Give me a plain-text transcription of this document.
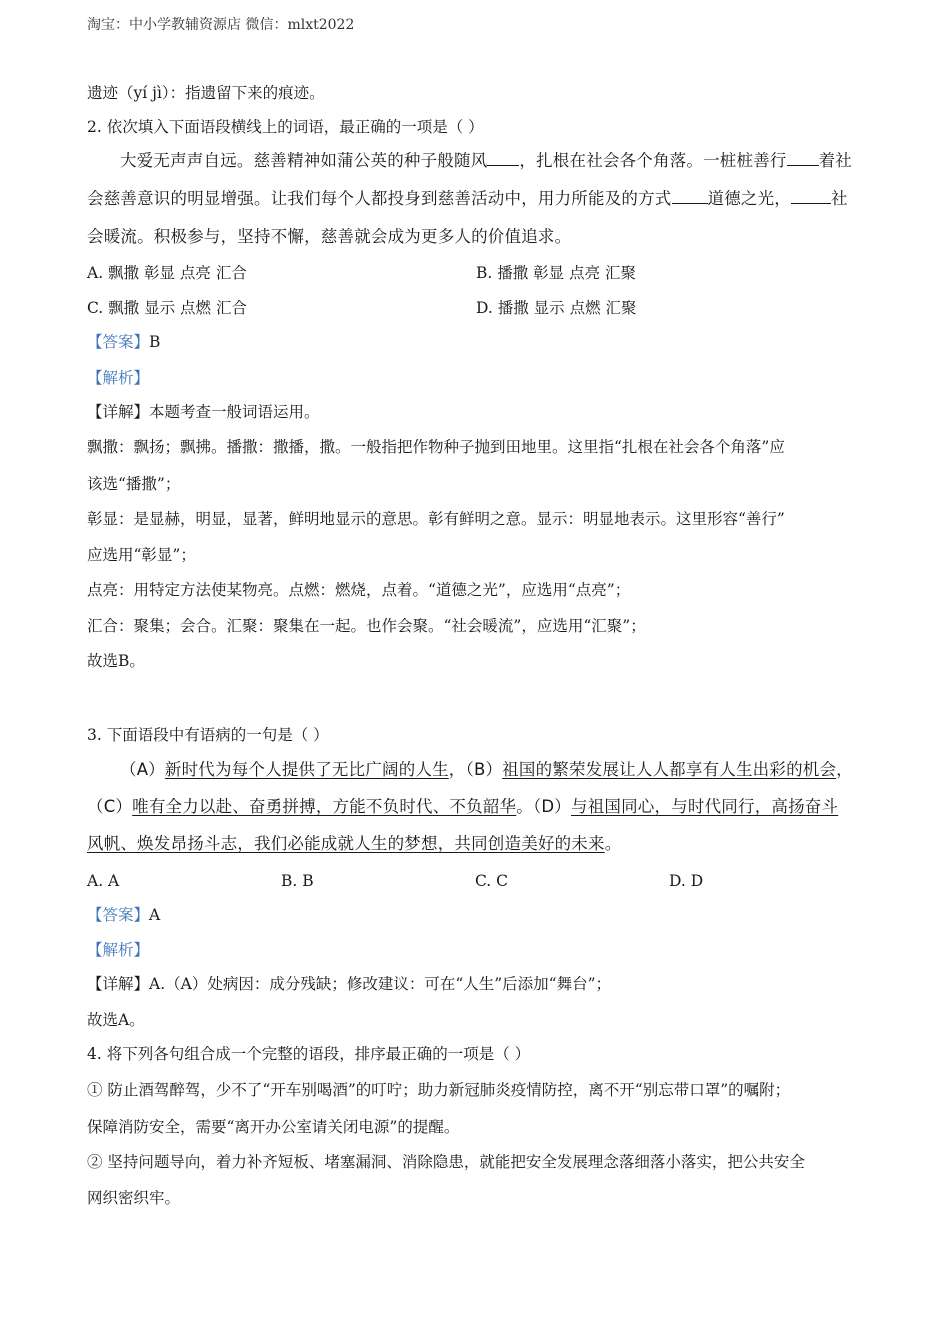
淘宝：中小学教辅资源店 微信：mlxt2022
遗迹（yí jì）：指遗留下来的痕迹。
2. 依次填入下面语段横线上的词语，最正确的一项是（ ）
大爱无声声自远。慈善精神如蒲公英的种子般随风 ，扎根在社会各个角落。一桩桩善行 着社
会慈善意识的明显增强。让我们每个人都投身到慈善活动中，用力所能及的方式 道德之光， 社
会暖流。积极参与，坚持不懈，慈善就会成为更多人的价值追求。
A. 飘撒 彰显 点亮 汇合	B. 播撒 彰显 点亮 汇聚
C. 飘撒 显示 点燃 汇合	D. 播撒 显示 点燃 汇聚
【答案】B
【解析】
【详解】本题考查一般词语运用。
飘撒：飘扬；飘拂。播撒：撒播，撒。一般指把作物种子抛到田地里。这里指“扎根在社会各个角落”应
该选“播撒”；
彰显：是显赫，明显，显著，鲜明地显示的意思。彰有鲜明之意。显示：明显地表示。这里形容“善行”
应选用“彰显”；
点亮：用特定方法使某物亮。点燃：燃烧，点着。“道德之光”，应选用“点亮”；
汇合：聚集；会合。汇聚：聚集在一起。也作会聚。“社会暖流”，应选用“汇聚”；
故选B。
3. 下面语段中有语病的一句是（ ）
（A）新时代为每个人提供了无比广阔的人生，（B）祖国的繁荣发展让人人都享有人生出彩的机会，
（C）唯有全力以赴、奋勇拼搏，方能不负时代、不负韶华。（D）与祖国同心，与时代同行，高扬奋斗
风帆、焕发昂扬斗志，我们必能成就人生的梦想，共同创造美好的未来。
A. A	B. B	C. C	D. D
【答案】A
【解析】
【详解】A.（A）处病因：成分残缺；修改建议：可在“人生”后添加“舞台”；
故选A。
4. 将下列各句组合成一个完整的语段，排序最正确的一项是（ ）
① 防止酒驾醉驾，少不了“开车别喝酒”的叮咛；助力新冠肺炎疫情防控，离不开“别忘带口罩”的嘱附；
保障消防安全，需要“离开办公室请关闭电源”的提醒。
② 坚持问题导向，着力补齐短板、堵塞漏洞、消除隐患，就能把安全发展理念落细落小落实，把公共安全
网织密织牢。
